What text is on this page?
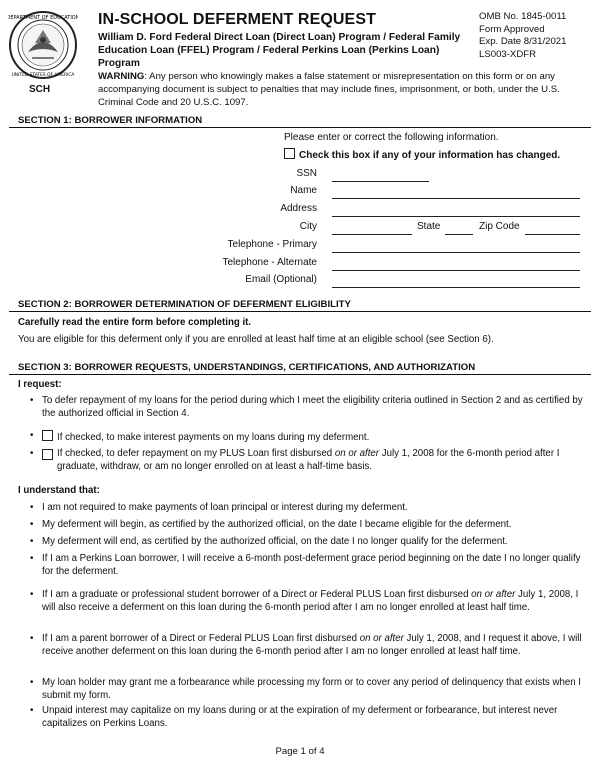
DEPARTMENT OF EDUCATION
UNITED STATES OF AMERICA
SCH
IN-SCHOOL DEFERMENT REQUEST
William D. Ford Federal Direct Loan (Direct Loan) Program / Federal Family Education Loan (FFEL) Program / Federal Perkins Loan (Perkins Loan) Program
OMB No. 1845-0011
Form Approved
Exp. Date 8/31/2021
LS003-XDFR
WARNING: Any person who knowingly makes a false statement or misrepresentation on this form or on any accompanying document is subject to penalties that may include fines, imprisonment, or both, under the U.S. Criminal Code and 20 U.S.C. 1097.
SECTION 1: BORROWER INFORMATION
Please enter or correct the following information.
Check this box if any of your information has changed.
SSN
Name
Address
City	State	Zip Code
Telephone - Primary
Telephone - Alternate
Email (Optional)
SECTION 2: BORROWER DETERMINATION OF DEFERMENT ELIGIBILITY
Carefully read the entire form before completing it.
You are eligible for this deferment only if you are enrolled at least half time at an eligible school (see Section 6).
SECTION 3: BORROWER REQUESTS, UNDERSTANDINGS, CERTIFICATIONS, AND AUTHORIZATION
I request:
• To defer repayment of my loans for the period during which I meet the eligibility criteria outlined in Section 2 and as certified by the authorized official in Section 4.
• If checked, to make interest payments on my loans during my deferment.
• If checked, to defer repayment on my PLUS Loan first disbursed on or after July 1, 2008 for the 6-month period after I graduate, withdraw, or am no longer enrolled on at least a half-time basis.
I understand that:
• I am not required to make payments of loan principal or interest during my deferment.
• My deferment will begin, as certified by the authorized official, on the date I became eligible for the deferment.
• My deferment will end, as certified by the authorized official, on the date I no longer qualify for the deferment.
• If I am a Perkins Loan borrower, I will receive a 6-month post-deferment grace period beginning on the date I no longer qualify for the deferment.
• If I am a graduate or professional student borrower of a Direct or Federal PLUS Loan first disbursed on or after July 1, 2008, I will also receive a deferment on this loan during the 6-month period after I am no longer enrolled at least half time.
• If I am a parent borrower of a Direct or Federal PLUS Loan first disbursed on or after July 1, 2008, and I request it above, I will receive another deferment on this loan during the 6-month period after I am no longer enrolled at least half time.
• My loan holder may grant me a forbearance while processing my form or to cover any period of delinquency that exists when I submit my form.
• Unpaid interest may capitalize on my loans during or at the expiration of my deferment or forbearance, but interest never capitalizes on Perkins Loans.
Page 1 of 4
